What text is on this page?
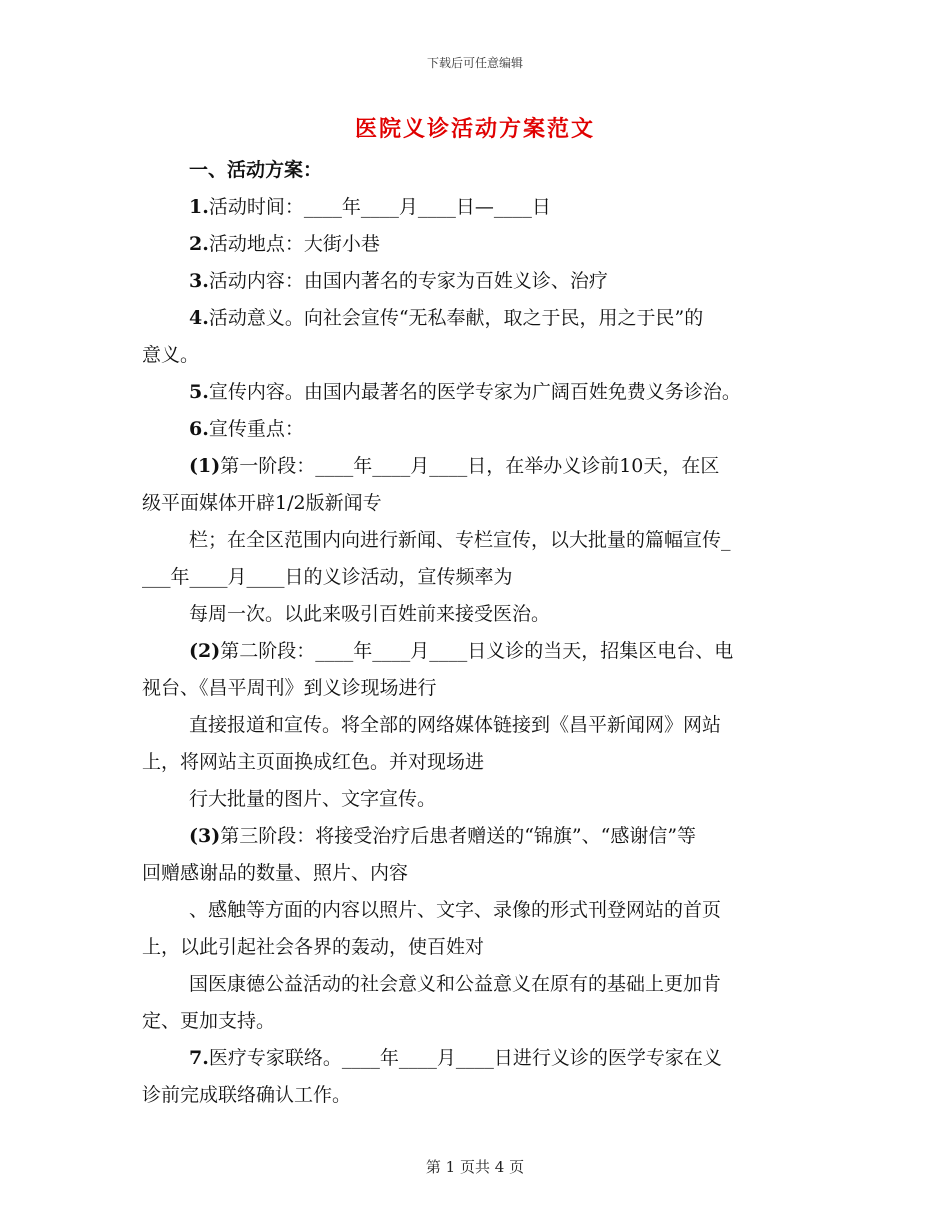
下载后可任意编辑
医院义诊活动方案范文

一、活动方案：

1.活动时间：____年____月____日—____日

2.活动地点：大街小巷

3.活动内容：由国内著名的专家为百姓义诊、治疗

4.活动意义。向社会宣传“无私奉献，取之于民，用之于民”的

意义。

5.宣传内容。由国内最著名的医学专家为广阔百姓免费义务诊治。

6.宣传重点：

(1)第一阶段：____年____月____日，在举办义诊前10天，在区

级平面媒体开辟1/2版新闻专

栏；在全区范围内向进行新闻、专栏宣传，以大批量的篇幅宣传_

___年____月____日的义诊活动，宣传频率为

每周一次。以此来吸引百姓前来接受医治。

(2)第二阶段：____年____月____日义诊的当天，招集区电台、电

视台、《昌平周刊》到义诊现场进行

直接报道和宣传。将全部的网络媒体链接到《昌平新闻网》网站

上，将网站主页面换成红色。并对现场进

行大批量的图片、文字宣传。

(3)第三阶段：将接受治疗后患者赠送的“锦旗”、“感谢信”等

回赠感谢品的数量、照片、内容

、感触等方面的内容以照片、文字、录像的形式刊登网站的首页

上，以此引起社会各界的轰动，使百姓对

国医康德公益活动的社会意义和公益意义在原有的基础上更加肯

定、更加支持。

7.医疗专家联络。____年____月____日进行义诊的医学专家在义

诊前完成联络确认工作。

第 1 页共 4 页
